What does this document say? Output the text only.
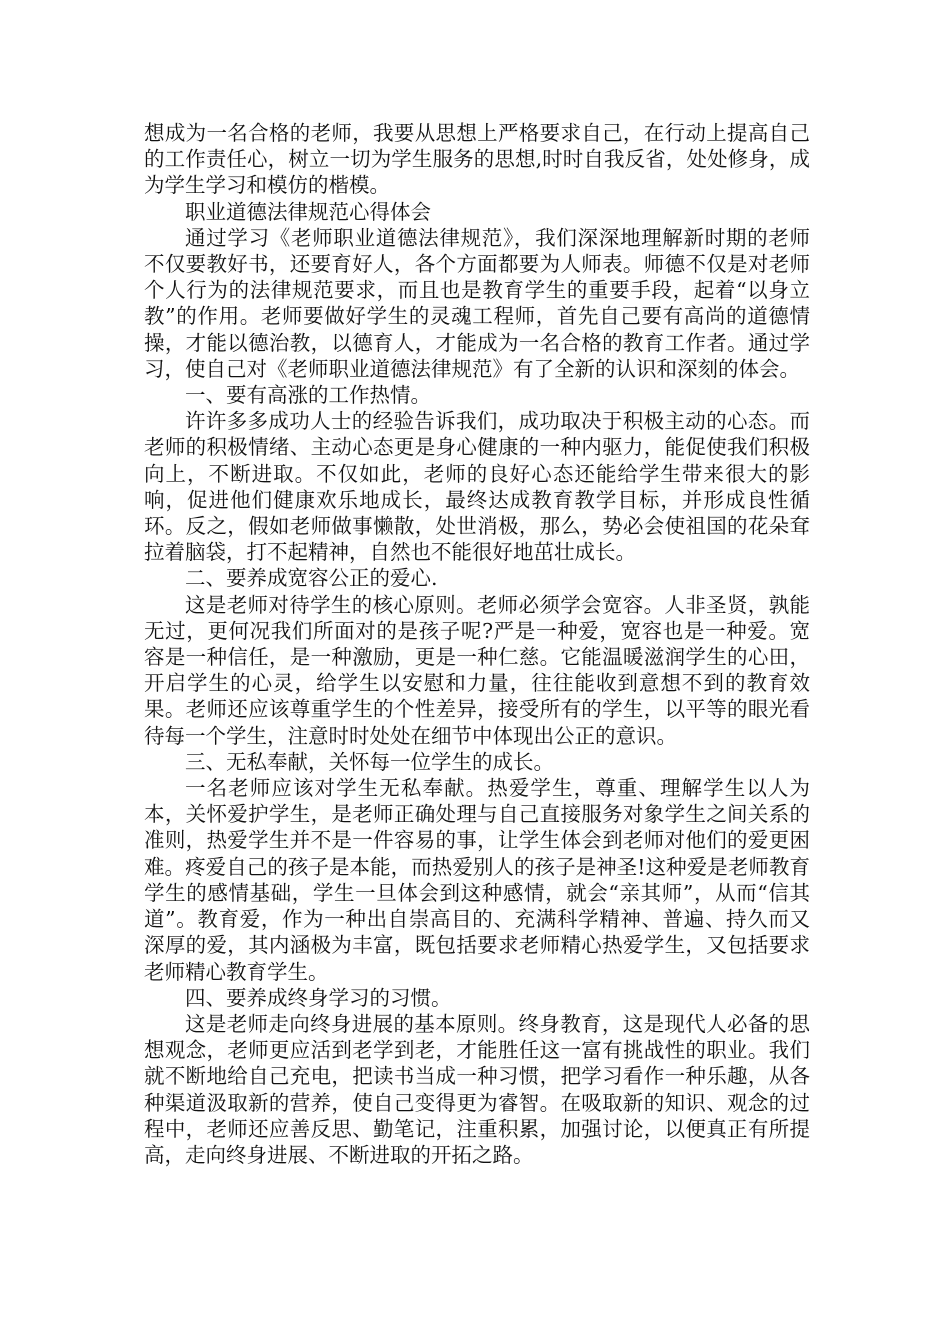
想成为一名合格的老师，我要从思想上严格要求自己，在行动上提高自己的工作责任心，树立一切为学生服务的思想,时时自我反省，处处修身，成为学生学习和模仿的楷模。

职业道德法律规范心得体会

通过学习《老师职业道德法律规范》，我们深深地理解新时期的老师不仅要教好书，还要育好人，各个方面都要为人师表。师德不仅是对老师个人行为的法律规范要求，而且也是教育学生的重要手段，起着“以身立教”的作用。老师要做好学生的灵魂工程师，首先自己要有高尚的道德情操，才能以德治教，以德育人，才能成为一名合格的教育工作者。通过学习，使自己对《老师职业道德法律规范》有了全新的认识和深刻的体会。

一、要有高涨的工作热情。

许许多多成功人士的经验告诉我们，成功取决于积极主动的心态。而老师的积极情绪、主动心态更是身心健康的一种内驱力，能促使我们积极向上，不断进取。不仅如此，老师的良好心态还能给学生带来很大的影响，促进他们健康欢乐地成长，最终达成教育教学目标，并形成良性循环。反之，假如老师做事懒散，处世消极，那么，势必会使祖国的花朵耷拉着脑袋，打不起精神，自然也不能很好地茁壮成长。

二、要养成宽容公正的爱心.

这是老师对待学生的核心原则。老师必须学会宽容。人非圣贤，孰能无过，更何况我们所面对的是孩子呢?严是一种爱，宽容也是一种爱。宽容是一种信任，是一种激励，更是一种仁慈。它能温暖滋润学生的心田，开启学生的心灵，给学生以安慰和力量，往往能收到意想不到的教育效果。老师还应该尊重学生的个性差异，接受所有的学生，以平等的眼光看待每一个学生，注意时时处处在细节中体现出公正的意识。

三、无私奉献，关怀每一位学生的成长。

一名老师应该对学生无私奉献。热爱学生，尊重、理解学生以人为本，关怀爱护学生，是老师正确处理与自己直接服务对象学生之间关系的准则，热爱学生并不是一件容易的事，让学生体会到老师对他们的爱更困难。疼爱自己的孩子是本能，而热爱别人的孩子是神圣!这种爱是老师教育学生的感情基础，学生一旦体会到这种感情，就会“亲其师”，从而“信其道”。教育爱，作为一种出自崇高目的、充满科学精神、普遍、持久而又深厚的爱，其内涵极为丰富，既包括要求老师精心热爱学生，又包括要求老师精心教育学生。

四、要养成终身学习的习惯。

这是老师走向终身进展的基本原则。终身教育，这是现代人必备的思想观念，老师更应活到老学到老，才能胜任这一富有挑战性的职业。我们就不断地给自己充电，把读书当成一种习惯，把学习看作一种乐趣，从各种渠道汲取新的营养，使自己变得更为睿智。在吸取新的知识、观念的过程中，老师还应善反思、勤笔记，注重积累，加强讨论，以便真正有所提高，走向终身进展、不断进取的开拓之路。
